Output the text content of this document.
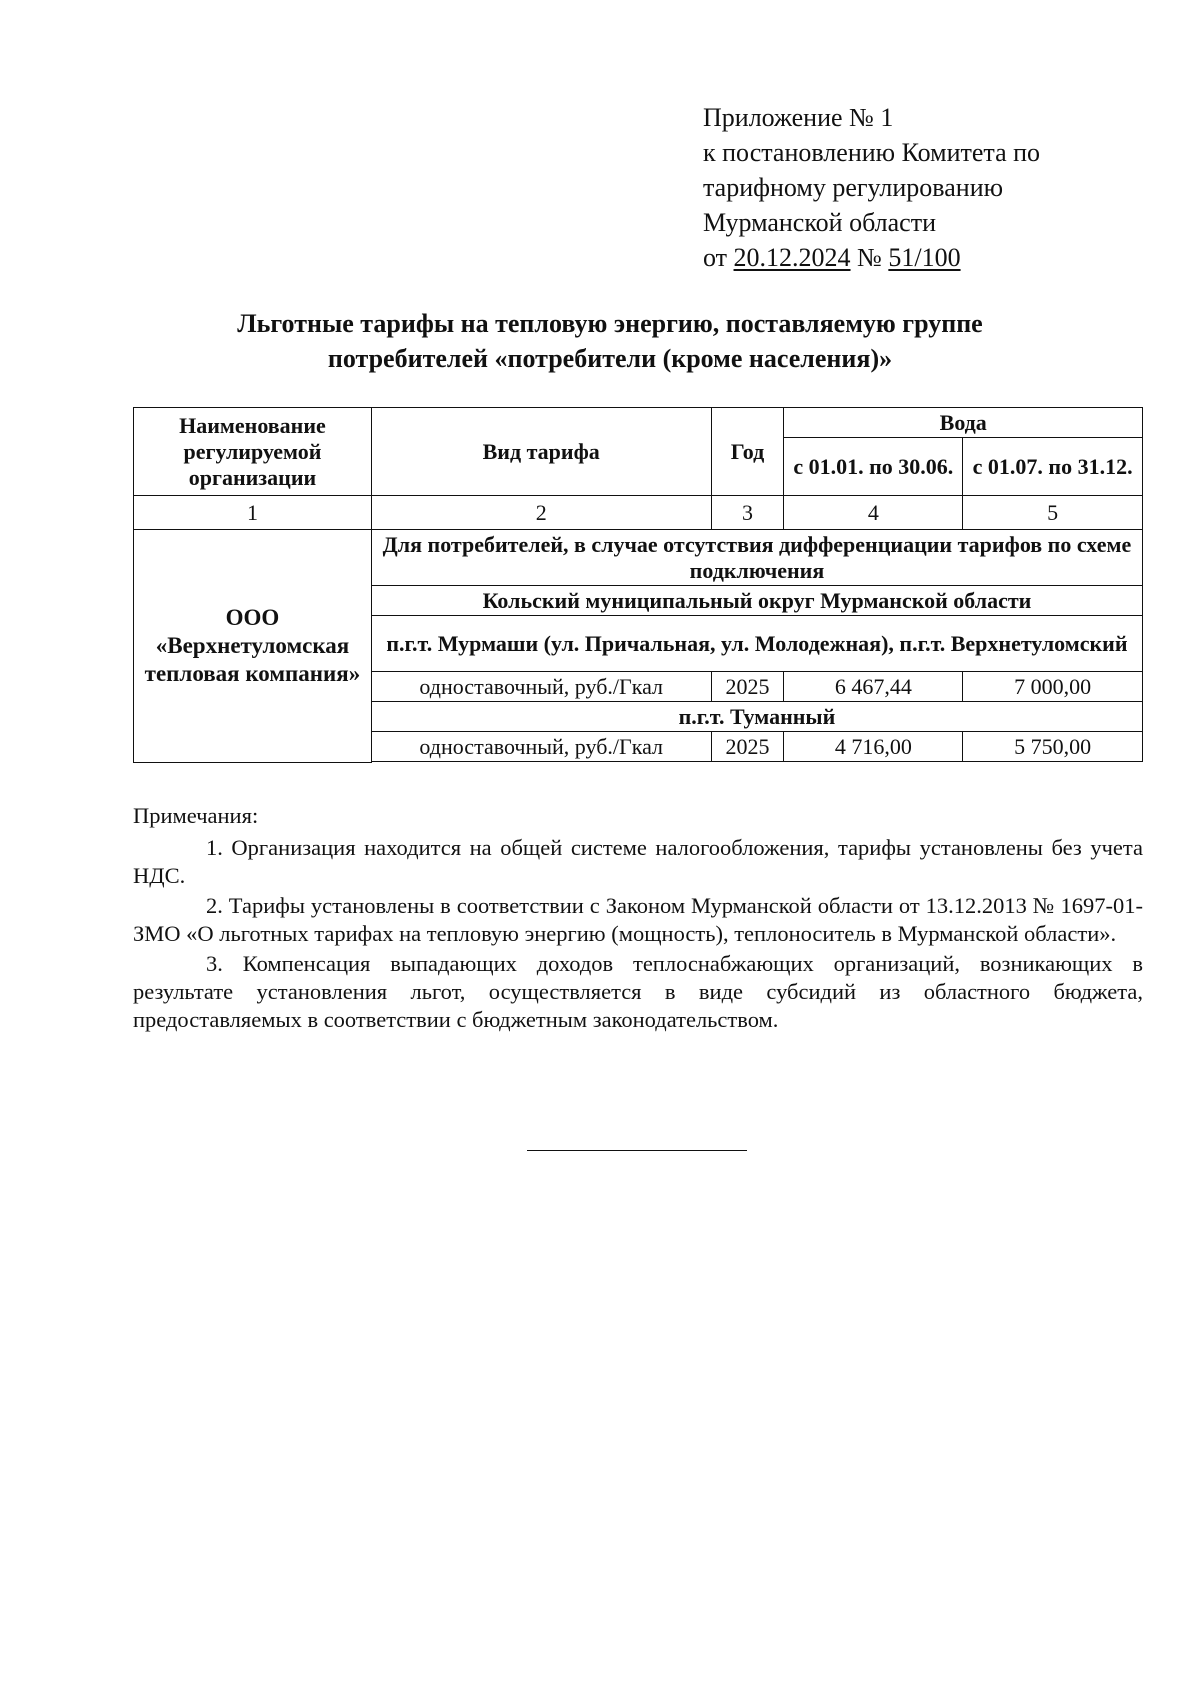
Приложение № 1
к постановлению Комитета по
тарифному регулированию
Мурманской области
от 20.12.2024 № 51/100
Льготные тарифы на тепловую энергию, поставляемую группе
потребителей «потребители (кроме населения)»
Наименование регулируемой организации	Вид тарифа	Год	Вода	
			с 01.01. по 30.06.	с 01.07. по 31.12.
1	2	3	4	5
ООО «Верхнетуломская тепловая компания»	Для потребителей, в случае отсутствия дифференциации тарифов по схеме подключения			
	Кольский муниципальный округ Мурманской области			
	п.г.т. Мурмаши (ул. Причальная, ул. Молодежная), п.г.т. Верхнетуломский			
	одноставочный, руб./Гкал	2025	6 467,44	7 000,00
	п.г.т. Туманный			
	одноставочный, руб./Гкал	2025	4 716,00	5 750,00

Примечания:
1. Организация находится на общей системе налогообложения, тарифы установлены без учета НДС.
2. Тарифы установлены в соответствии с Законом Мурманской области от 13.12.2013 № 1697-01-ЗМО «О льготных тарифах на тепловую энергию (мощность), теплоноситель в Мурманской области».
3. Компенсация выпадающих доходов теплоснабжающих организаций, возникающих в результате установления льгот, осуществляется в виде субсидий из областного бюджета, предоставляемых в соответствии с бюджетным законодательством.
